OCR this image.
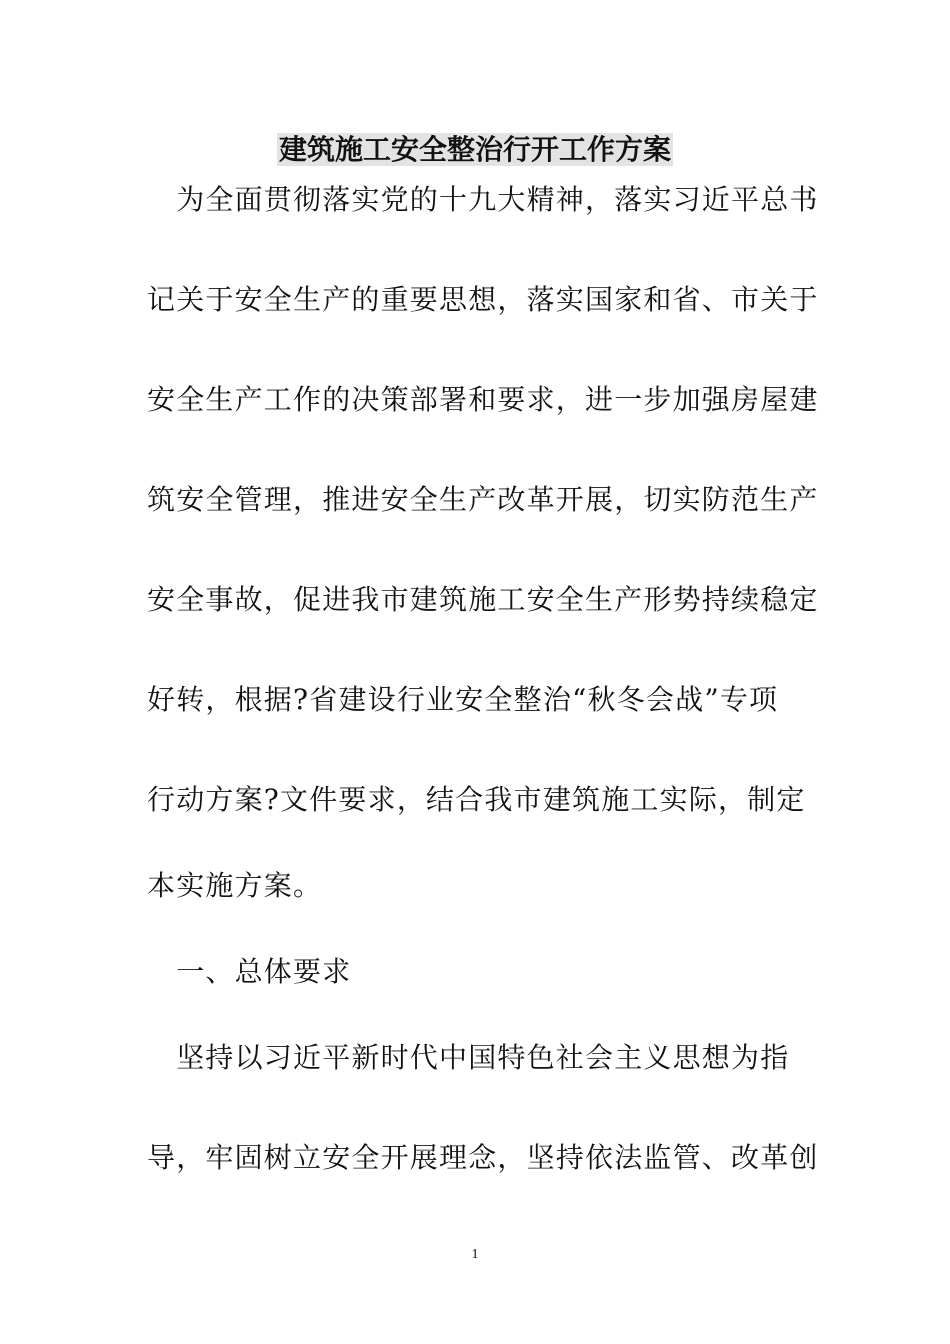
建筑施工安全整治行开工作方案
　为全面贯彻落实党的十九大精神，落实习近平总书
记关于安全生产的重要思想，落实国家和省、市关于
安全生产工作的决策部署和要求，进一步加强房屋建
筑安全管理，推进安全生产改革开展，切实防范生产
安全事故，促进我市建筑施工安全生产形势持续稳定
好转，根据?省建设行业安全整治“秋冬会战”专项
行动方案?文件要求，结合我市建筑施工实际，制定
本实施方案。
　一、总体要求
　坚持以习近平新时代中国特色社会主义思想为指
导，牢固树立安全开展理念，坚持依法监管、改革创
1
